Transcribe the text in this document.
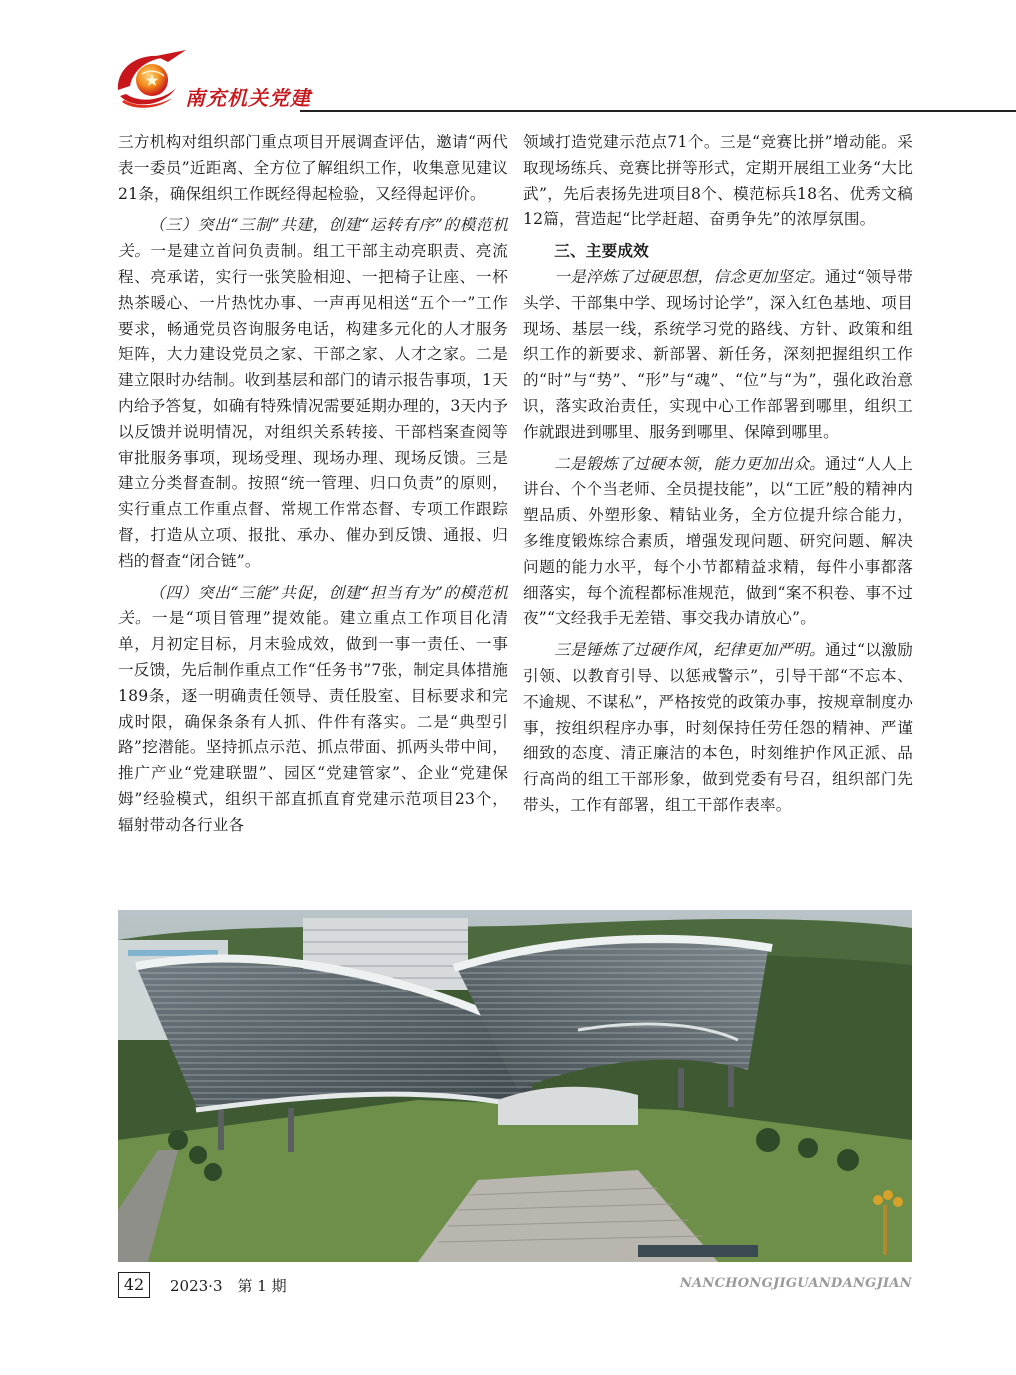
南充机关党建

三方机构对组织部门重点项目开展调查评估，邀请“两代表一委员”近距离、全方位了解组织工作，收集意见建议21条，确保组织工作既经得起检验，又经得起评价。

（三）突出“三制”共建，创建“运转有序”的模范机关。一是建立首问负责制。组工干部主动亮职责、亮流程、亮承诺，实行一张笑脸相迎、一把椅子让座、一杯热茶暖心、一片热忱办事、一声再见相送“五个一”工作要求，畅通党员咨询服务电话，构建多元化的人才服务矩阵，大力建设党员之家、干部之家、人才之家。二是建立限时办结制。收到基层和部门的请示报告事项，1天内给予答复，如确有特殊情况需要延期办理的，3天内予以反馈并说明情况，对组织关系转接、干部档案查阅等审批服务事项，现场受理、现场办理、现场反馈。三是建立分类督查制。按照“统一管理、归口负责”的原则，实行重点工作重点督、常规工作常态督、专项工作跟踪督，打造从立项、报批、承办、催办到反馈、通报、归档的督查“闭合链”。

（四）突出“三能”共促，创建“担当有为”的模范机关。一是“项目管理”提效能。建立重点工作项目化清单，月初定目标，月末验成效，做到一事一责任、一事一反馈，先后制作重点工作“任务书”7张，制定具体措施189条，逐一明确责任领导、责任股室、目标要求和完成时限，确保条条有人抓、件件有落实。二是“典型引路”挖潜能。坚持抓点示范、抓点带面、抓两头带中间，推广产业“党建联盟”、园区“党建管家”、企业“党建保姆”经验模式，组织干部直抓直育党建示范项目23个，辐射带动各行业各

领域打造党建示范点71个。三是“竞赛比拼”增动能。采取现场练兵、竞赛比拼等形式，定期开展组工业务“大比武”，先后表扬先进项目8个、模范标兵18名、优秀文稿12篇，营造起“比学赶超、奋勇争先”的浓厚氛围。

三、主要成效

一是淬炼了过硬思想，信念更加坚定。通过“领导带头学、干部集中学、现场讨论学”，深入红色基地、项目现场、基层一线，系统学习党的路线、方针、政策和组织工作的新要求、新部署、新任务，深刻把握组织工作的“时”与“势”、“形”与“魂”、“位”与“为”，强化政治意识，落实政治责任，实现中心工作部署到哪里，组织工作就跟进到哪里、服务到哪里、保障到哪里。

二是锻炼了过硬本领，能力更加出众。通过“人人上讲台、个个当老师、全员提技能”，以“工匠”般的精神内塑品质、外塑形象、精钻业务，全方位提升综合能力，多维度锻炼综合素质，增强发现问题、研究问题、解决问题的能力水平，每个小节都精益求精，每件小事都落细落实，每个流程都标准规范，做到“案不积卷、事不过夜”“文经我手无差错、事交我办请放心”。

三是锤炼了过硬作风，纪律更加严明。通过“以激励引领、以教育引导、以惩戒警示”，引导干部“不忘本、不逾规、不谋私”，严格按党的政策办事，按规章制度办事，按组织程序办事，时刻保持任劳任怨的精神、严谨细致的态度、清正廉洁的本色，时刻维护作风正派、品行高尚的组工干部形象，做到党委有号召，组织部门先带头，工作有部署，组工干部作表率。

42	2023·3　第 1 期	NANCHONGJIGUANDANGJIAN
